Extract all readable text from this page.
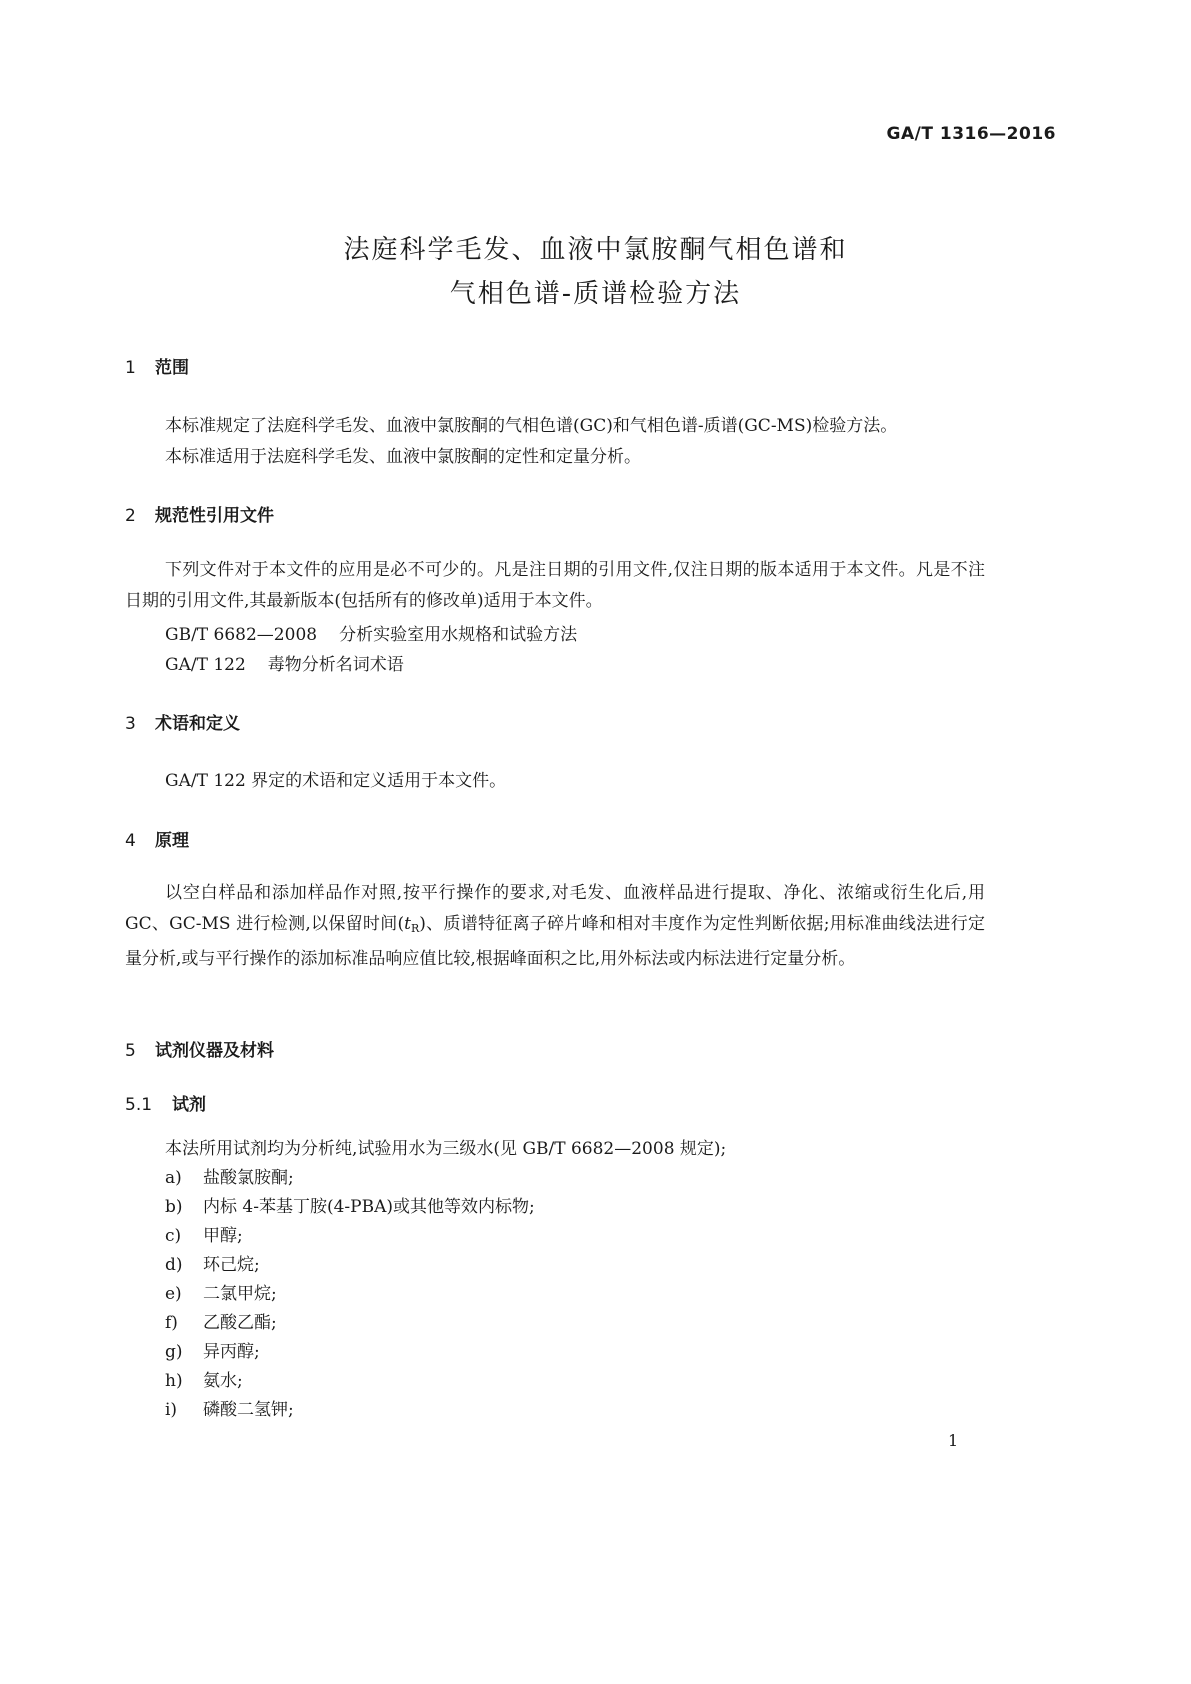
GA/T 1316—2016
法庭科学毛发、血液中氯胺酮气相色谱和
气相色谱-质谱检验方法
1 范围
本标准规定了法庭科学毛发、血液中氯胺酮的气相色谱(GC)和气相色谱-质谱(GC-MS)检验方法。
本标准适用于法庭科学毛发、血液中氯胺酮的定性和定量分析。
2 规范性引用文件
下列文件对于本文件的应用是必不可少的。凡是注日期的引用文件,仅注日期的版本适用于本文件。凡是不注日期的引用文件,其最新版本(包括所有的修改单)适用于本文件。
GB/T 6682—2008 分析实验室用水规格和试验方法
GA/T 122 毒物分析名词术语
3 术语和定义
GA/T 122 界定的术语和定义适用于本文件。
4 原理
以空白样品和添加样品作对照,按平行操作的要求,对毛发、血液样品进行提取、净化、浓缩或衍生化后,用 GC、GC-MS 进行检测,以保留时间$(t_R)$、质谱特征离子碎片峰和相对丰度作为定性判断依据;用标准曲线法进行定量分析,或与平行操作的添加标准品响应值比较,根据峰面积之比,用外标法或内标法进行定量分析。
5 试剂仪器及材料
5.1 试剂
本法所用试剂均为分析纯,试验用水为三级水(见 GB/T 6682—2008 规定);
a) 盐酸氯胺酮;
b) 内标 4-苯基丁胺(4-PBA)或其他等效内标物;
c) 甲醇;
d) 环己烷;
e) 二氯甲烷;
f) 乙酸乙酯;
g) 异丙醇;
h) 氨水;
i) 磷酸二氢钾;
1
